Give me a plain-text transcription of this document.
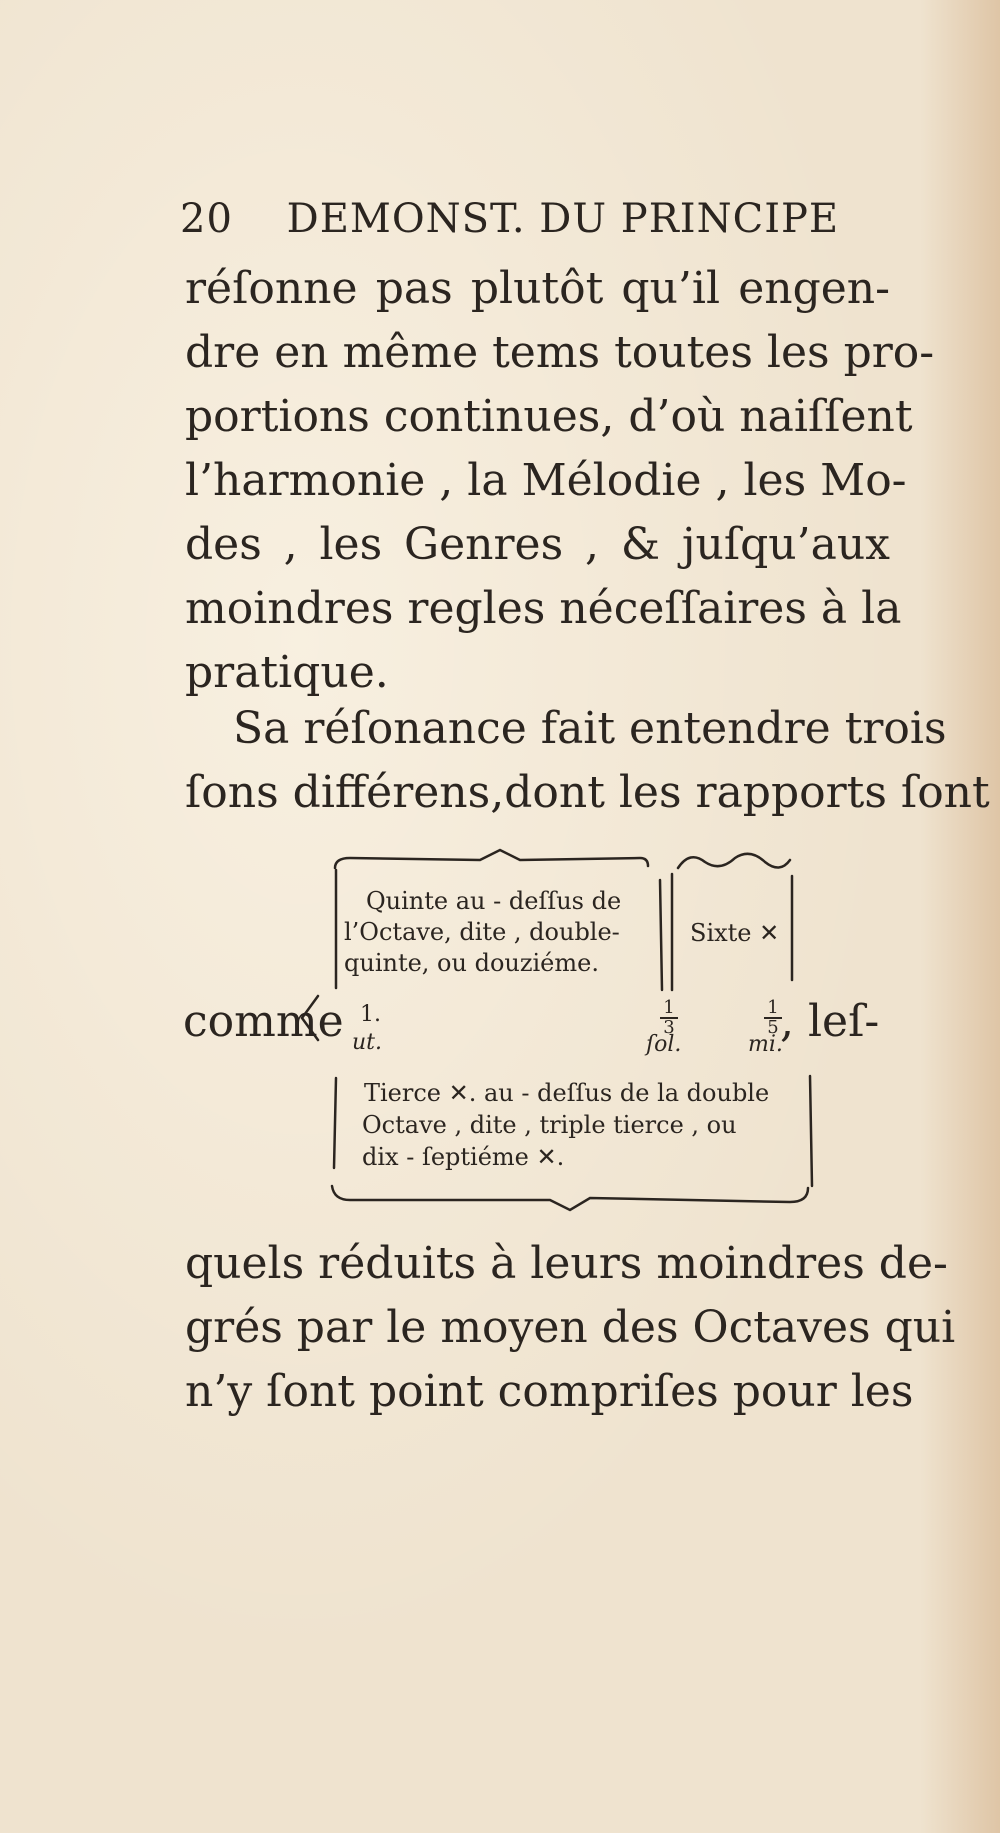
20 DEMONST. DU PRINCIPE
réſonne pas plutôt qu’il engen-
dre en même tems toutes les pro-
portions continues, d’où naiſſent
l’harmonie , la Mélodie , les Mo-
des , les Genres , & juſqu’aux
moindres regles néceſſaires à la
pratique.
Sa réſonance fait entendre trois
ſons différens,dont les rapports ſont
Quinte au - deſſus de
l’Octave, dite , double-
quinte, ou douziéme.
Sixte ✕
comme 1.
ut.
1
3
ſol.
1
5
mi.
, leſ-
Tierce ✕. au - deſſus de la double
Octave , dite , triple tierce , ou
dix - ſeptiéme ✕.
quels réduits à leurs moindres de-
grés par le moyen des Octaves qui
n’y ſont point compriſes pour les
